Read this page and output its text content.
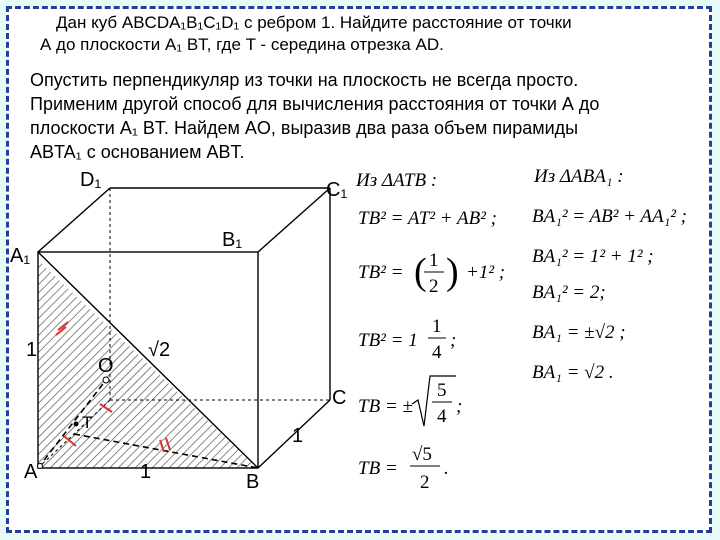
Дан куб ABCDA₁B₁C₁D₁ с ребром 1. Найдите расстояние от точки
А до плоскости A₁ BT, где T - середина отрезка AD.
Опустить перпендикуляр из точки на плоскость не всегда просто.
Применим другой способ для вычисления расстояния от точки А до
плоскости A₁ BT. Найдем AO, выразив два раза объем пирамиды
ABTA₁ с основанием ABT.
D₁	C₁
B₁
A₁
A	B
C
T
O
1
1
1
√2
Из ΔATB :
TB² = AT² + AB² ;
TB² =
1
2
( ) +1² ;
TB² = 1
1
4
;
TB = ±
5
4 ;
TB =
√5
2
.
Из ΔABA₁ :
BA₁² = AB² + AA₁² ;
BA₁² = 1² + 1² ;
BA₁² = 2;
BA₁ = ±√2 ;
BA₁ = √2 .
